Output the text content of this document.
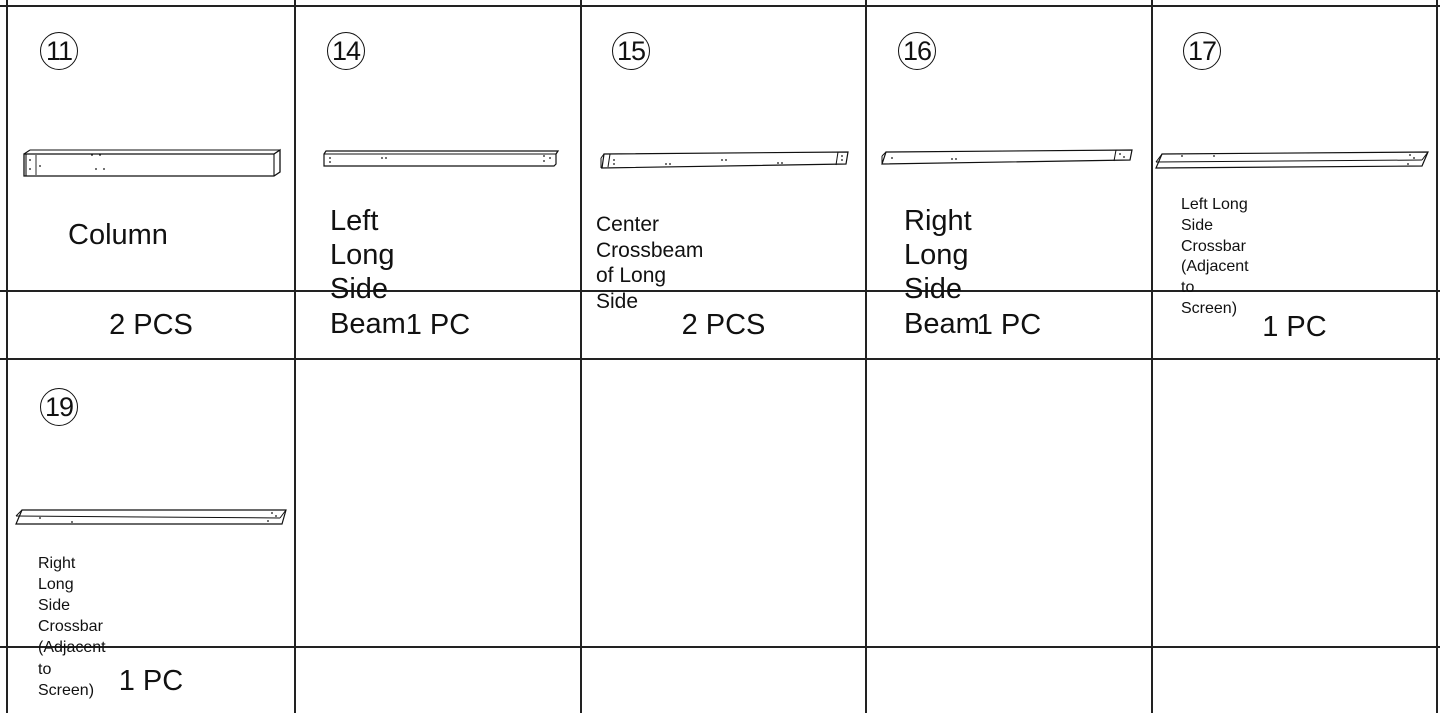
11
Column
2 PCS
14
Left Long
Side Beam 1 PC
15
Center Crossbeam
of Long Side
2 PCS
16
Right Long
Side Beam
1 PC
17
Left Long Side
Crossbar
(Adjacent to Screen)
1 PC
19
Right Long Side
Crossbar
(Adjacent to Screen) 1 PC
